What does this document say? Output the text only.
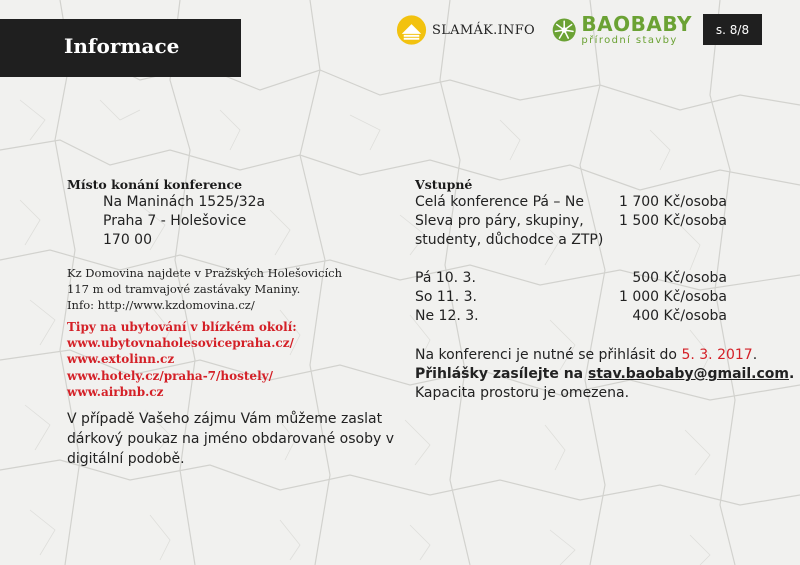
Informace
SLAMÁK.INFO BAOBABY
přírodní stavby
s. 8/8
Místo konání konference
Na Maninách 1525/32a
Praha 7 - Holešovice
170 00
Kz Domovina najdete v Pražských Holešovicích
117 m od tramvajové zastávaky Maniny.
Info: http://www.kzdomovina.cz/
Tipy na ubytování v blízkém okolí:
www.ubytovnaholesovicepraha.cz/
www.extolinn.cz
www.hotely.cz/praha-7/hostely/
www.airbnb.cz
V případě Vašeho zájmu Vám můžeme zaslat
dárkový poukaz na jméno obdarované osoby v
digitální podobě.
Vstupné
Celá konference Pá – Ne	1 700 Kč/osoba
Sleva pro páry, skupiny,	1 500 Kč/osoba
studenty, důchodce a ZTP)
Pá 10. 3.	500 Kč/osoba
So 11. 3.	1 000 Kč/osoba
Ne 12. 3.	400 Kč/osoba
Na konferenci je nutné se přihlásit do 5. 3. 2017.
Přihlášky zasílejte na stav.baobaby@gmail.com.
Kapacita prostoru je omezena.
